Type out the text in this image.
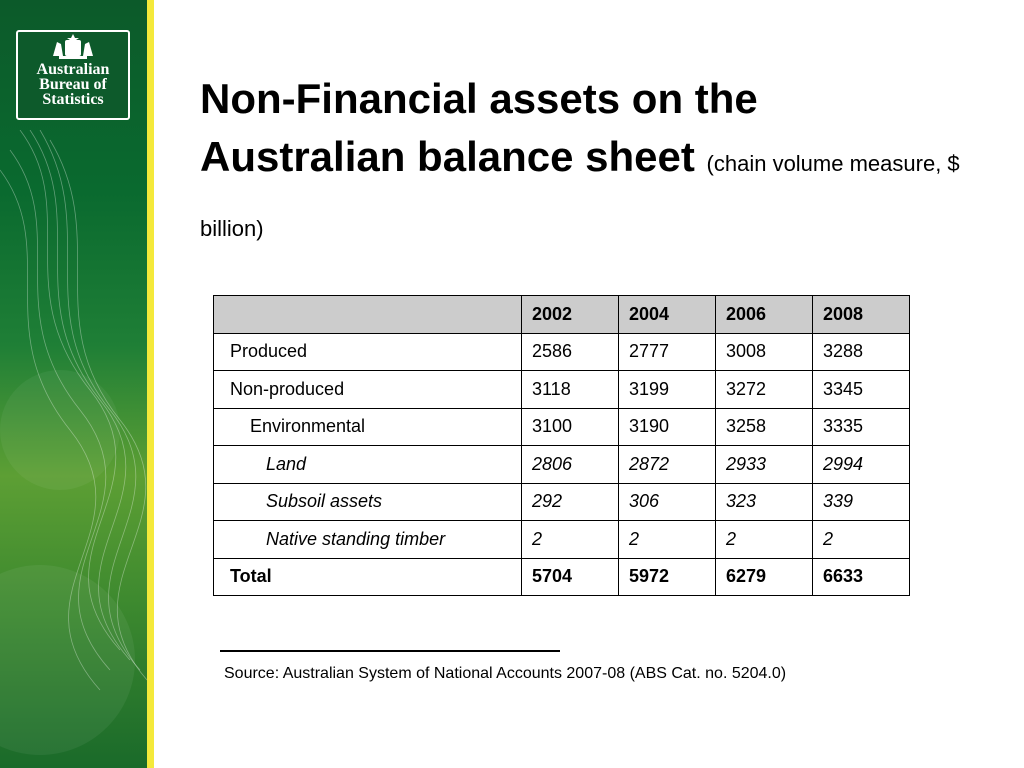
Australian
Bureau of
Statistics	Non-Financial assets on the
Australian balance sheet (chain volume measure, $ billion)
	2002	2004	2006	2008
Produced	2586	2777	3008	3288
Non-produced	3118	3199	3272	3345
Environmental	3100	3190	3258	3335
Land	2806	2872	2933	2994
Subsoil assets	292	306	323	339
Native standing timber	2	2	2	2
Total	5704	5972	6279	6633
Source: Australian System of National Accounts 2007-08 (ABS Cat. no. 5204.0)
